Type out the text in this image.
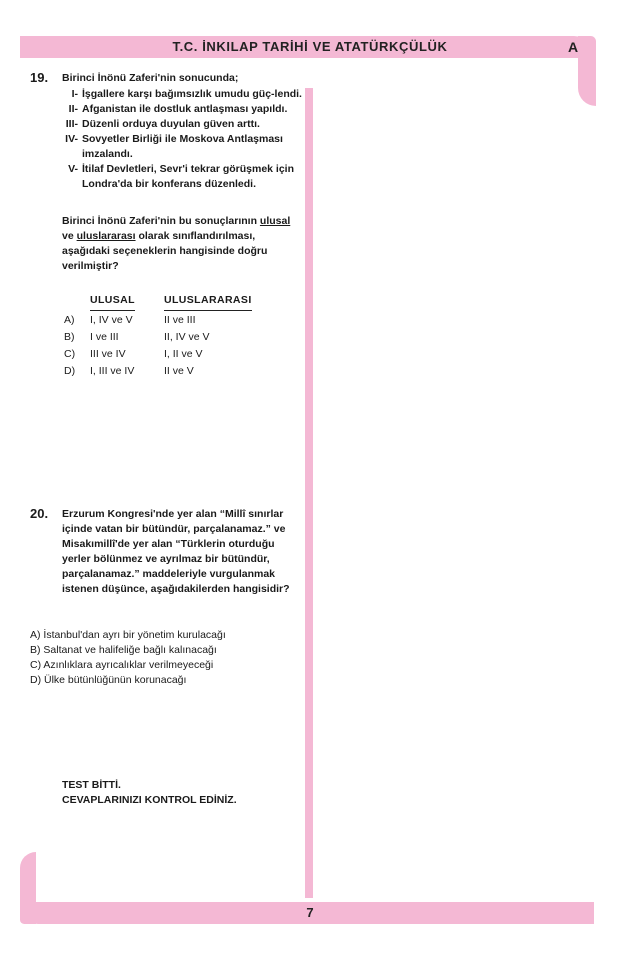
T.C. İNKILAP TARİHİ VE ATATÜRKÇÜLÜK	A
7
19. Birinci İnönü Zaferi'nin sonucunda;
I- İşgallere karşı bağımsızlık umudu güç-lendi.
II- Afganistan ile dostluk antlaşması yapıldı.
III- Düzenli orduya duyulan güven arttı.
IV- Sovyetler Birliği ile Moskova Antlaşması imzalandı.
V- İtilaf Devletleri, Sevr'i tekrar görüşmek için Londra'da bir konferans düzenledi.
Birinci İnönü Zaferi'nin bu sonuçlarının ulusal ve uluslararası olarak sınıflandırılması, aşağıdaki seçeneklerin hangisinde doğru verilmiştir?
ULUSAL	ULUSLARARASI
A) I, IV ve V	II ve III
B) I ve III	II, IV ve V
C) III ve IV	I, II ve V
D) I, III ve IV	II ve V
20. Erzurum Kongresi'nde yer alan “Millî sınırlar içinde vatan bir bütündür, parçalanamaz.” ve Misakımillî'de yer alan “Türklerin oturduğu yerler bölünmez ve ayrılmaz bir bütündür, parçalanamaz.” maddeleriyle vurgulanmak istenen düşünce, aşağıdakilerden hangisidir?
A) İstanbul'dan ayrı bir yönetim kurulacağı
B) Saltanat ve halifeliğe bağlı kalınacağı
C) Azınlıklara ayrıcalıklar verilmeyeceği
D) Ülke bütünlüğünün korunacağı
TEST BİTTİ.
CEVAPLARINIZI KONTROL EDİNİZ.
